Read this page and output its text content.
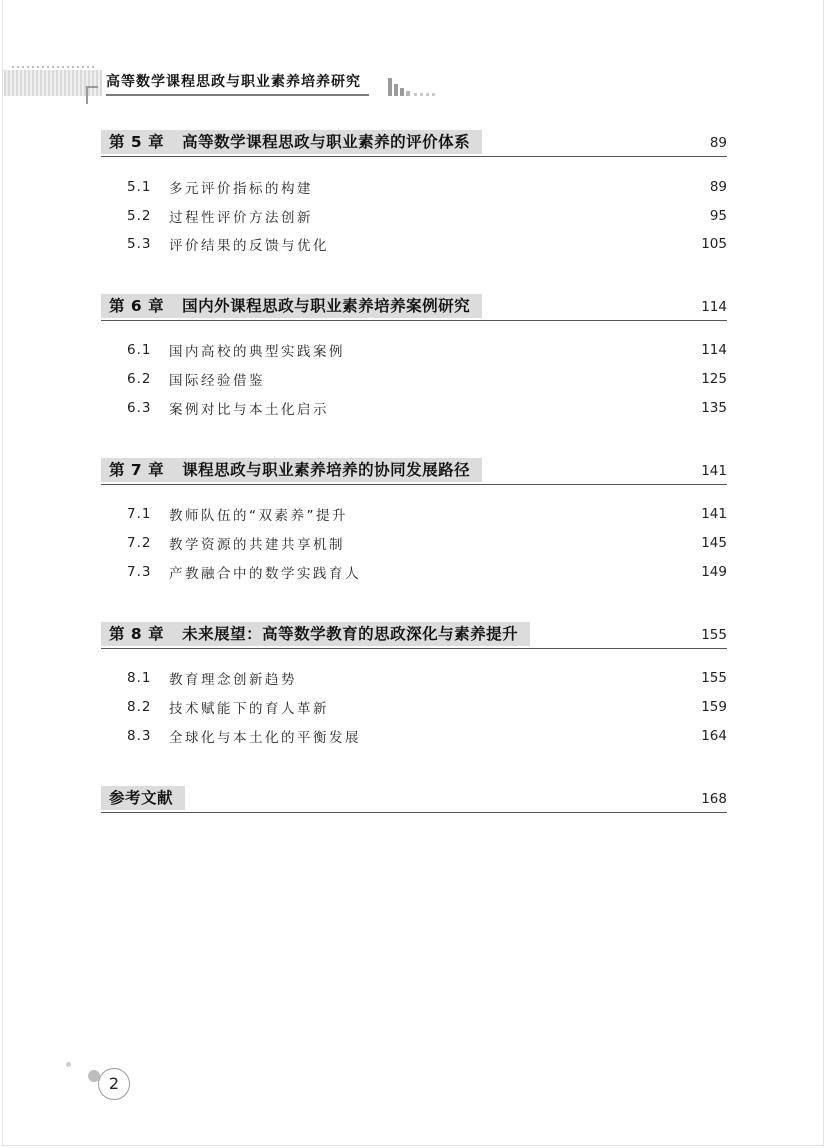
高等数学课程思政与职业素养培养研究
第 5 章 高等数学课程思政与职业素养的评价体系	89
5.1	多元评价指标的构建	89
5.2	过程性评价方法创新	95
5.3	评价结果的反馈与优化	105
第 6 章 国内外课程思政与职业素养培养案例研究	114
6.1	国内高校的典型实践案例	114
6.2	国际经验借鉴	125
6.3	案例对比与本土化启示	135
第 7 章 课程思政与职业素养培养的协同发展路径	141
7.1	教师队伍的“双素养”提升	141
7.2	教学资源的共建共享机制	145
7.3	产教融合中的数学实践育人	149
第 8 章 未来展望：高等数学教育的思政深化与素养提升	155
8.1	教育理念创新趋势	155
8.2	技术赋能下的育人革新	159
8.3	全球化与本土化的平衡发展	164
参考文献	168
2
